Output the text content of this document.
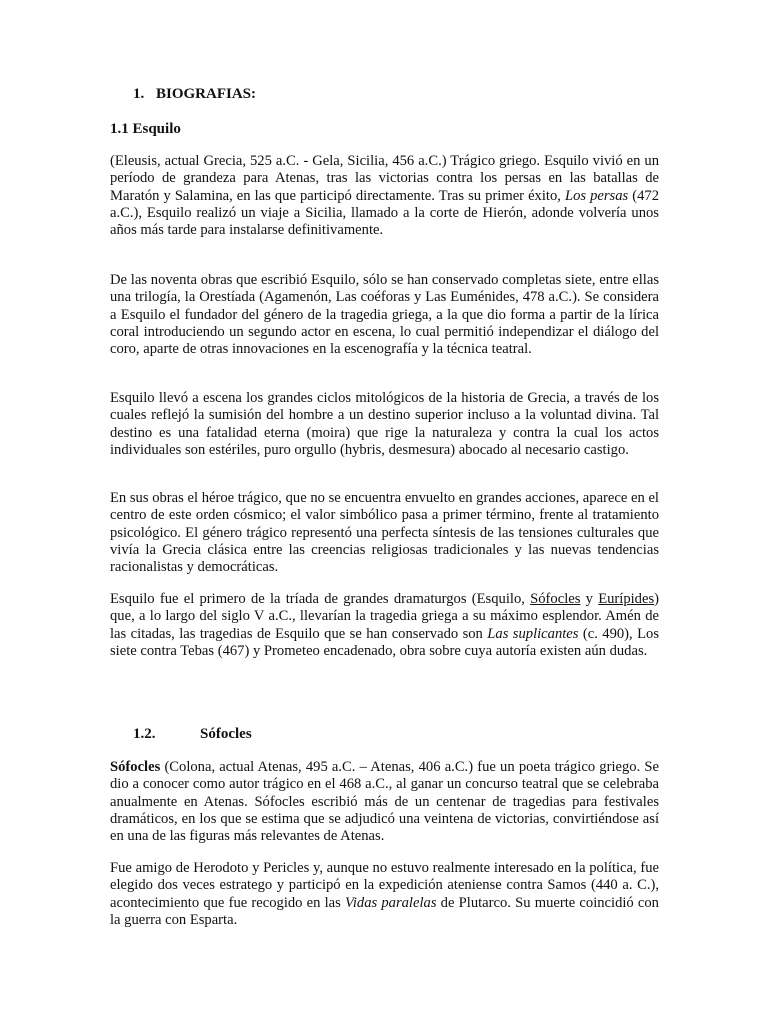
1. BIOGRAFIAS:
1.1 Esquilo

(Eleusis, actual Grecia, 525 a.C. - Gela, Sicilia, 456 a.C.) Trágico griego. Esquilo vivió en un período de grandeza para Atenas, tras las victorias contra los persas en las batallas de Maratón y Salamina, en las que participó directamente. Tras su primer éxito, Los persas (472 a.C.), Esquilo realizó un viaje a Sicilia, llamado a la corte de Hierón, adonde volvería unos años más tarde para instalarse definitivamente.

De las noventa obras que escribió Esquilo, sólo se han conservado completas siete, entre ellas una trilogía, la Orestíada (Agamenón, Las coéforas y Las Euménides, 478 a.C.). Se considera a Esquilo el fundador del género de la tragedia griega, a la que dio forma a partir de la lírica coral introduciendo un segundo actor en escena, lo cual permitió independizar el diálogo del coro, aparte de otras innovaciones en la escenografía y la técnica teatral.

Esquilo llevó a escena los grandes ciclos mitológicos de la historia de Grecia, a través de los cuales reflejó la sumisión del hombre a un destino superior incluso a la voluntad divina. Tal destino es una fatalidad eterna (moira) que rige la naturaleza y contra la cual los actos individuales son estériles, puro orgullo (hybris, desmesura) abocado al necesario castigo.

En sus obras el héroe trágico, que no se encuentra envuelto en grandes acciones, aparece en el centro de este orden cósmico; el valor simbólico pasa a primer término, frente al tratamiento psicológico. El género trágico representó una perfecta síntesis de las tensiones culturales que vivía la Grecia clásica entre las creencias religiosas tradicionales y las nuevas tendencias racionalistas y democráticas.

Esquilo fue el primero de la tríada de grandes dramaturgos (Esquilo, Sófocles y Eurípides) que, a lo largo del siglo V a.C., llevarían la tragedia griega a su máximo esplendor. Amén de las citadas, las tragedias de Esquilo que se han conservado son Las suplicantes (c. 490), Los siete contra Tebas (467) y Prometeo encadenado, obra sobre cuya autoría existen aún dudas.

1.2.	Sófocles

Sófocles (Colona, actual Atenas, 495 a.C. – Atenas, 406 a.C.) fue un poeta trágico griego. Se dio a conocer como autor trágico en el 468 a.C., al ganar un concurso teatral que se celebraba anualmente en Atenas. Sófocles escribió más de un centenar de tragedias para festivales dramáticos, en los que se estima que se adjudicó una veintena de victorias, convirtiéndose así en una de las figuras más relevantes de Atenas.

Fue amigo de Herodoto y Pericles y, aunque no estuvo realmente interesado en la política, fue elegido dos veces estratego y participó en la expedición ateniense contra Samos (440 a. C.), acontecimiento que fue recogido en las Vidas paralelas de Plutarco. Su muerte coincidió con la guerra con Esparta.
